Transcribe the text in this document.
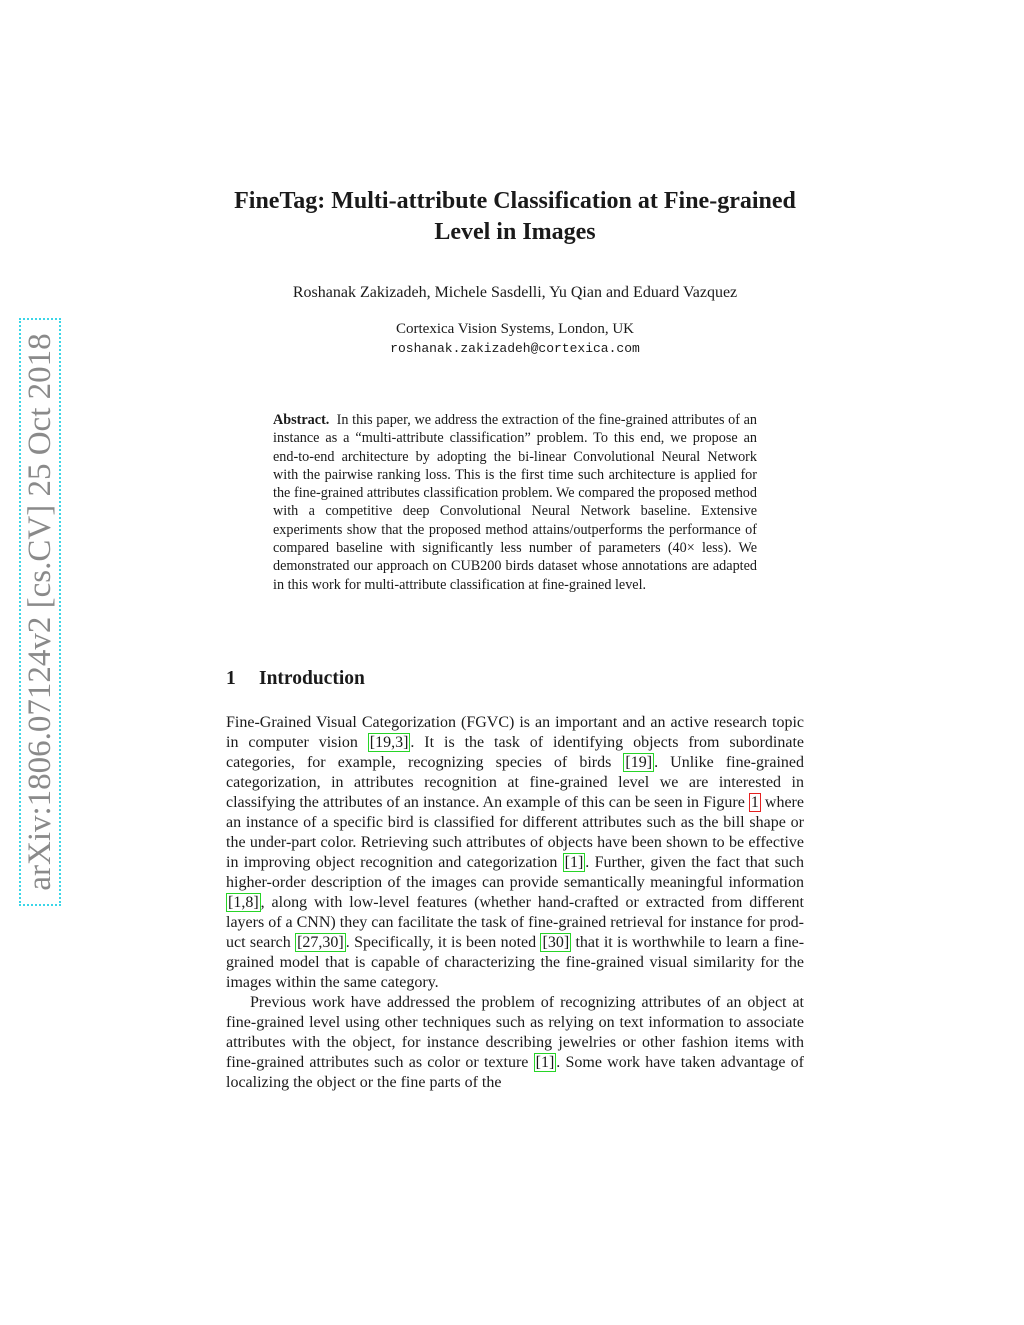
arXiv:1806.07124v2 [cs.CV] 25 Oct 2018
FineTag: Multi-attribute Classification at Fine-grained Level in Images
Roshanak Zakizadeh, Michele Sasdelli, Yu Qian and Eduard Vazquez
Cortexica Vision Systems, London, UK
roshanak.zakizadeh@cortexica.com
Abstract. In this paper, we address the extraction of the fine-grained attributes of an instance as a “multi-attribute classification” problem. To this end, we propose an end-to-end architecture by adopting the bi-linear Convolutional Neural Network with the pairwise ranking loss. This is the first time such architecture is applied for the fine-grained attributes classification problem. We compared the proposed method with a competitive deep Convolutional Neural Network baseline. Extensive experiments show that the proposed method attains/outperforms the performance of compared baseline with significantly less number of parameters (40× less). We demonstrated our approach on CUB200 birds dataset whose annotations are adapted in this work for multi-attribute classification at fine-grained level.
1 Introduction

Fine-Grained Visual Categorization (FGVC) is an important and an active research topic in computer vision [19,3] . It is the task of identifying objects from subordinate categories, for example, recognizing species of birds [19] . Unlike fine-grained categorization, in attributes recognition at fine-grained level we are interested in classifying the attributes of an instance. An example of this can be seen in Figure 1 where an instance of a specific bird is classified for different attributes such as the bill shape or the under-part color. Retrieving such attributes of objects have been shown to be effective in improving object recognition and categorization [1] . Further, given the fact that such higher-order description of the images can provide semantically meaningful information [1,8] , along with low-level features (whether hand-crafted or extracted from different layers of a CNN) they can facilitate the task of fine-grained retrieval for instance for product search [27,30] . Specifically, it is been noted [30] that it is worthwhile to learn a fine-grained model that is capable of characterizing the fine-grained visual similarity for the images within the same category.

Previous work have addressed the problem of recognizing attributes of an object at fine-grained level using other techniques such as relying on text information to associate attributes with the object, for instance describing jewelries or other fashion items with fine-grained attributes such as color or texture [1] . Some work have taken advantage of localizing the object or the fine parts of the
